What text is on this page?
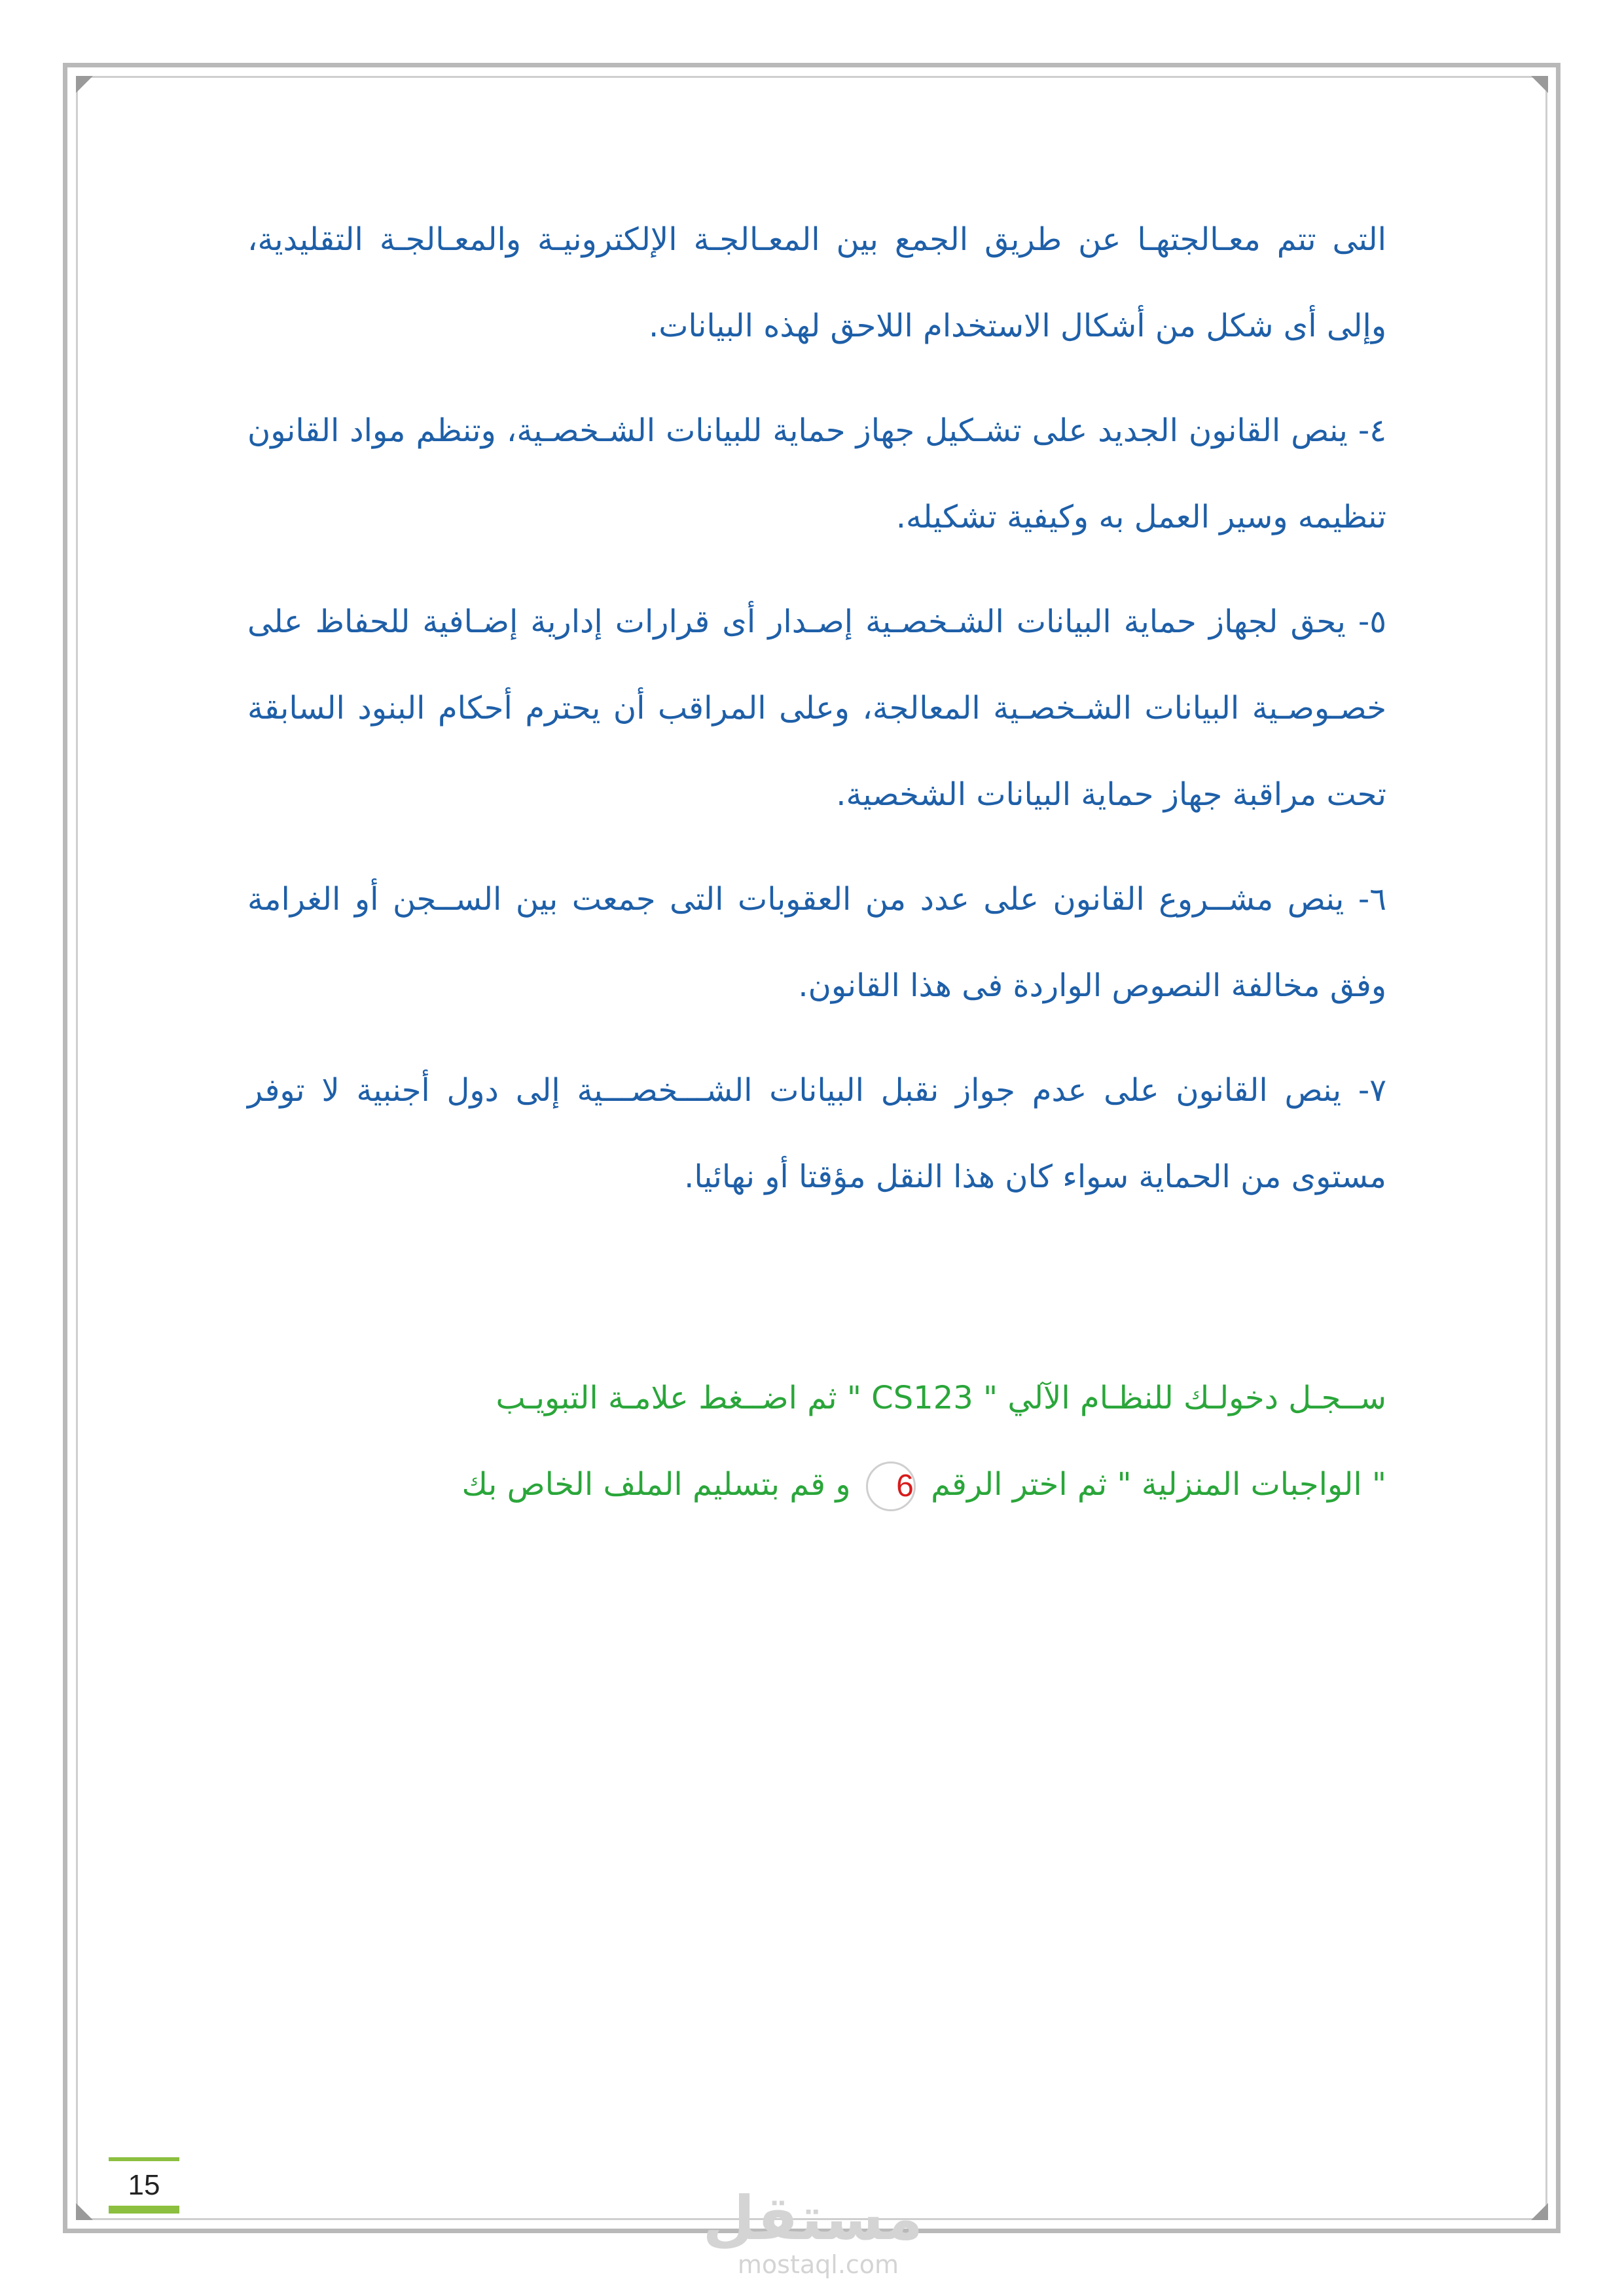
التى تتم معـالجتهـا عن طريق الجمع بين المعـالجـة الإلكترونيـة والمعـالجـة التقليدية، وإلى أى شكل من أشكال الاستخدام اللاحق لهذه البيانات.

٤- ينص القانون الجديد على تشـكيل جهاز حماية للبيانات الشـخصـية، وتنظم مواد القانون تنظيمه وسير العمل به وكيفية تشكيله.

٥- يحق لجهاز حماية البيانات الشـخصـية إصـدار أى قرارات إدارية إضـافية للحفاظ على خصـوصـية البيانات الشـخصـية المعالجة، وعلى المراقب أن يحترم أحكام البنود السابقة تحت مراقبة جهاز حماية البيانات الشخصية.

٦- ينص مشــروع القانون على عدد من العقوبات التى جمعت بين الســجن أو الغرامة وفق مخالفة النصوص الواردة فى هذا القانون.

٧- ينص القانون على عدم جواز نقبل البيانات الشـــخصـــية إلى دول أجنبية لا توفر مستوى من الحماية سواء كان هذا النقل مؤقتا أو نهائيا.

ســجـل دخولـك للنظـام الآلي " CS123 " ثم اضــغط علامـة التبويـب
" الواجبات المنزلية " ثم اختر الرقم 6 و قم بتسليم الملف الخاص بك
15	مستقل
mostaql.com
